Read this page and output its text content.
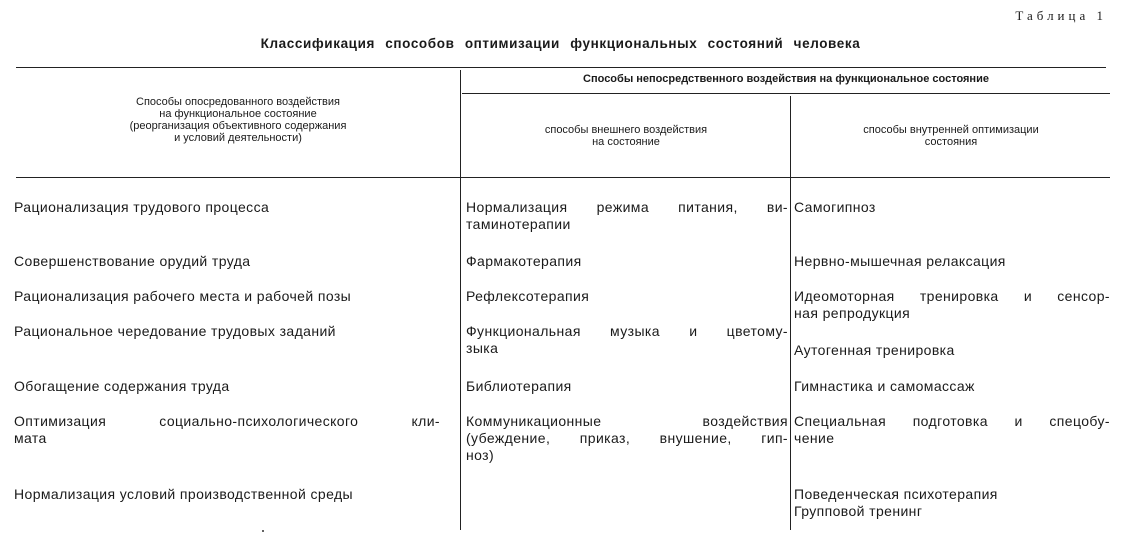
Таблица 1
Классификация способов оптимизации функциональных состояний человека
Способы опосредованного воздействия
на функциональное состояние
(реорганизация объективного содержания
и условий деятельности)
Способы непосредственного воздействия на функциональное состояние
способы внешнего воздействия
на состояние
способы внутренней оптимизации
состояния
Рационализация трудового процесса
Совершенствование орудий труда
Рационализация рабочего места и рабочей позы
Рациональное чередование трудовых заданий
Обогащение содержания труда
Оптимизация социально-психологического кли-
мата
Нормализация условий производственной среды
Нормализация режима питания, ви-
таминотерапии
Фармакотерапия
Рефлексотерапия
Функциональная музыка и цветому-
зыка
Библиотерапия
Коммуникационные воздействия
(убеждение, приказ, внушение, гип-
ноз)
Самогипноз
Нервно-мышечная релаксация
Идеомоторная тренировка и сенсор-
ная репродукция
Аутогенная тренировка
Гимнастика и самомассаж
Специальная подготовка и спецобу-
чение
Поведенческая психотерапия
Групповой тренинг
